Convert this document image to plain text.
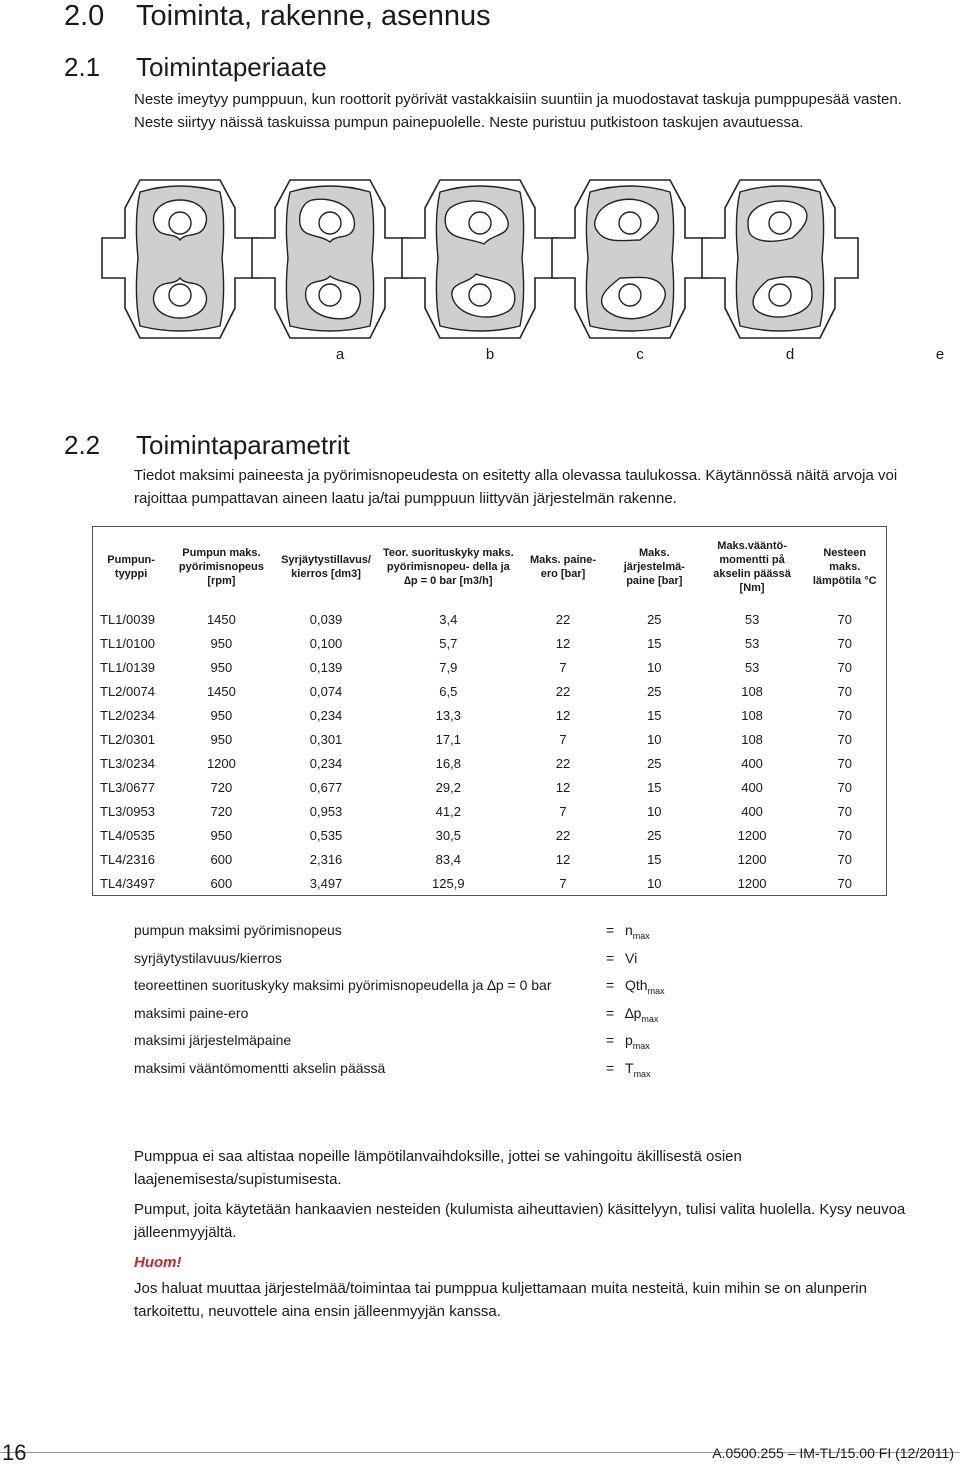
2.0 Toiminta, rakenne, asennus
2.1 Toimintaperiaate
Neste imeytyy pumppuun, kun roottorit pyörivät vastakkaisiin suuntiin ja muodostavat taskuja pumppupesää vasten. Neste siirtyy näissä taskuissa pumpun painepuolelle. Neste puristuu putkistoon taskujen avautuessa.
a	b	c	d	e
2.2 Toimintaparametrit
Tiedot maksimi paineesta ja pyörimisnopeudesta on esitetty alla olevassa taulukossa. Käytännössä näitä arvoja voi rajoittaa pumpattavan aineen laatu ja/tai pumppuun liittyvän järjestelmän rakenne.
Pumpun- tyyppi	Pumpun maks. pyörimisnopeus [rpm]	Syrjäytystillavus/ kierros [dm3]	Teor. suorituskyky maks. pyörimisnopeu- della ja ∆p = 0 bar [m3/h]	Maks. paine- ero [bar]	Maks. järjestelmä- paine [bar]	Maks.vääntö- momentti på akselin päässä [Nm]	Nesteen maks. lämpötila °C
TL1/0039	1450	0,039	3,4	22	25	53	70
TL1/0100	950	0,100	5,7	12	15	53	70
TL1/0139	950	0,139	7,9	7	10	53	70
TL2/0074	1450	0,074	6,5	22	25	108	70
TL2/0234	950	0,234	13,3	12	15	108	70
TL2/0301	950	0,301	17,1	7	10	108	70
TL3/0234	1200	0,234	16,8	22	25	400	70
TL3/0677	720	0,677	29,2	12	15	400	70
TL3/0953	720	0,953	41,2	7	10	400	70
TL4/0535	950	0,535	30,5	22	25	1200	70
TL4/2316	600	2,316	83,4	12	15	1200	70
TL4/3497	600	3,497	125,9	7	10	1200	70
pumpun maksimi pyörimisnopeus	= $n_{max}$
syrjäytystilavuus/kierros	= Vi
teoreettinen suorituskyky maksimi pyörimisnopeudella ja ∆p = 0 bar	= Qth$_{max}$
maksimi paine-ero	= $\Delta p_{max}$
maksimi järjestelmäpaine	= $p_{max}$
maksimi vääntömomentti akselin päässä	= $T_{max}$
Pumppua ei saa altistaa nopeille lämpötilanvaihdoksille, jottei se vahingoitu äkillisestä osien laajenemisesta/supistumisesta.
Pumput, joita käytetään hankaavien nesteiden (kulumista aiheuttavien) käsittelyyn, tulisi valita huolella. Kysy neuvoa jälleenmyyjältä.
Huom!
Jos haluat muuttaa järjestelmää/toimintaa tai pumppua kuljettamaan muita nesteitä, kuin mihin se on alunperin tarkoitettu, neuvottele aina ensin jälleenmyyjän kanssa.
16	A.0500.255 – IM-TL/15.00 FI (12/2011)
